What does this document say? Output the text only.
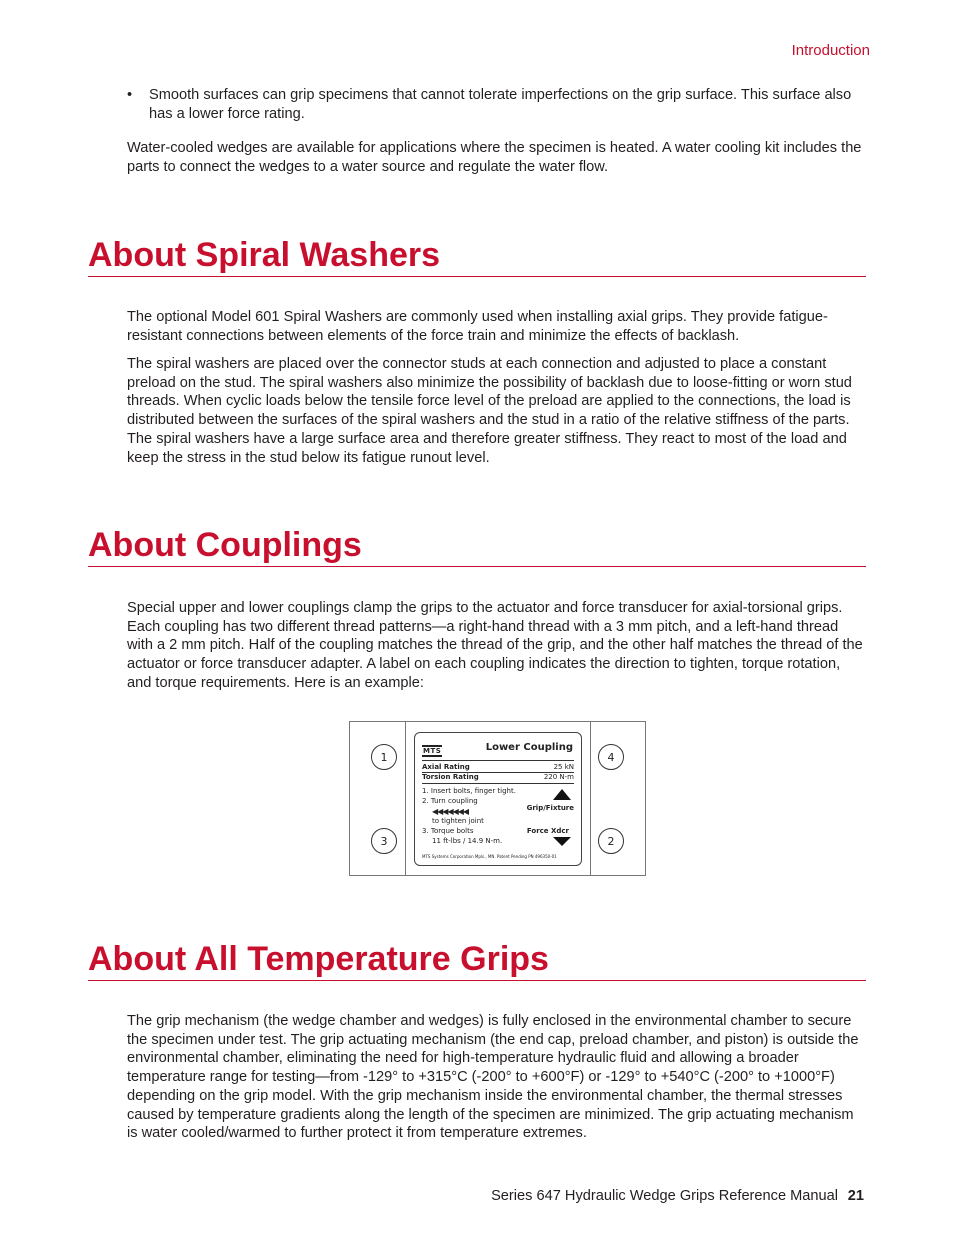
Introduction
• Smooth surfaces can grip specimens that cannot tolerate imperfections on the grip surface. This surface also has a lower force rating.

Water-cooled wedges are available for applications where the specimen is heated. A water cooling kit includes the parts to connect the wedges to a water source and regulate the water flow.

About Spiral Washers

The optional Model 601 Spiral Washers are commonly used when installing axial grips. They provide fatigue-resistant connections between elements of the force train and minimize the effects of backlash.

The spiral washers are placed over the connector studs at each connection and adjusted to place a constant preload on the stud. The spiral washers also minimize the possibility of backlash due to loose-fitting or worn stud threads. When cyclic loads below the tensile force level of the preload are applied to the connections, the load is distributed between the surfaces of the spiral washers and the stud in a ratio of the relative stiffness of the parts. The spiral washers have a large surface area and therefore greater stiffness. They react to most of the load and keep the stress in the stud below its fatigue runout level.

About Couplings

Special upper and lower couplings clamp the grips to the actuator and force transducer for axial-torsional grips. Each coupling has two different thread patterns—a right-hand thread with a 3 mm pitch, and a left-hand thread with a 2 mm pitch. Half of the coupling matches the thread of the grip, and the other half matches the thread of the actuator or force transducer adapter. A label on each coupling indicates the direction to tighten, torque rotation, and torque requirements. Here is an example:

1
3
4
2
MTS	Lower Coupling
Axial Rating	25 kN
Torsion Rating	220 N-m
1. Insert bolts, finger tight.
2. Turn coupling
◀◀◀◀◀◀◀
to tighten joint
3. Torque bolts
11 ft-lbs / 14.9 N-m.
Grip/Fixture
Force Xdcr
MTS Systems Corporation Mpls., MN. Patent Pending PN 496350-01
About All Temperature Grips

The grip mechanism (the wedge chamber and wedges) is fully enclosed in the environmental chamber to secure the specimen under test. The grip actuating mechanism (the end cap, preload chamber, and piston) is outside the environmental chamber, eliminating the need for high-temperature hydraulic fluid and allowing a broader temperature range for testing—from -129° to +315°C (-200° to +600°F) or -129° to +540°C (-200° to +1000°F) depending on the grip model. With the grip mechanism inside the environmental chamber, the thermal stresses caused by temperature gradients along the length of the specimen are minimized. The grip actuating mechanism is water cooled/warmed to further protect it from temperature extremes.

Series 647 Hydraulic Wedge Grips Reference Manual 21
